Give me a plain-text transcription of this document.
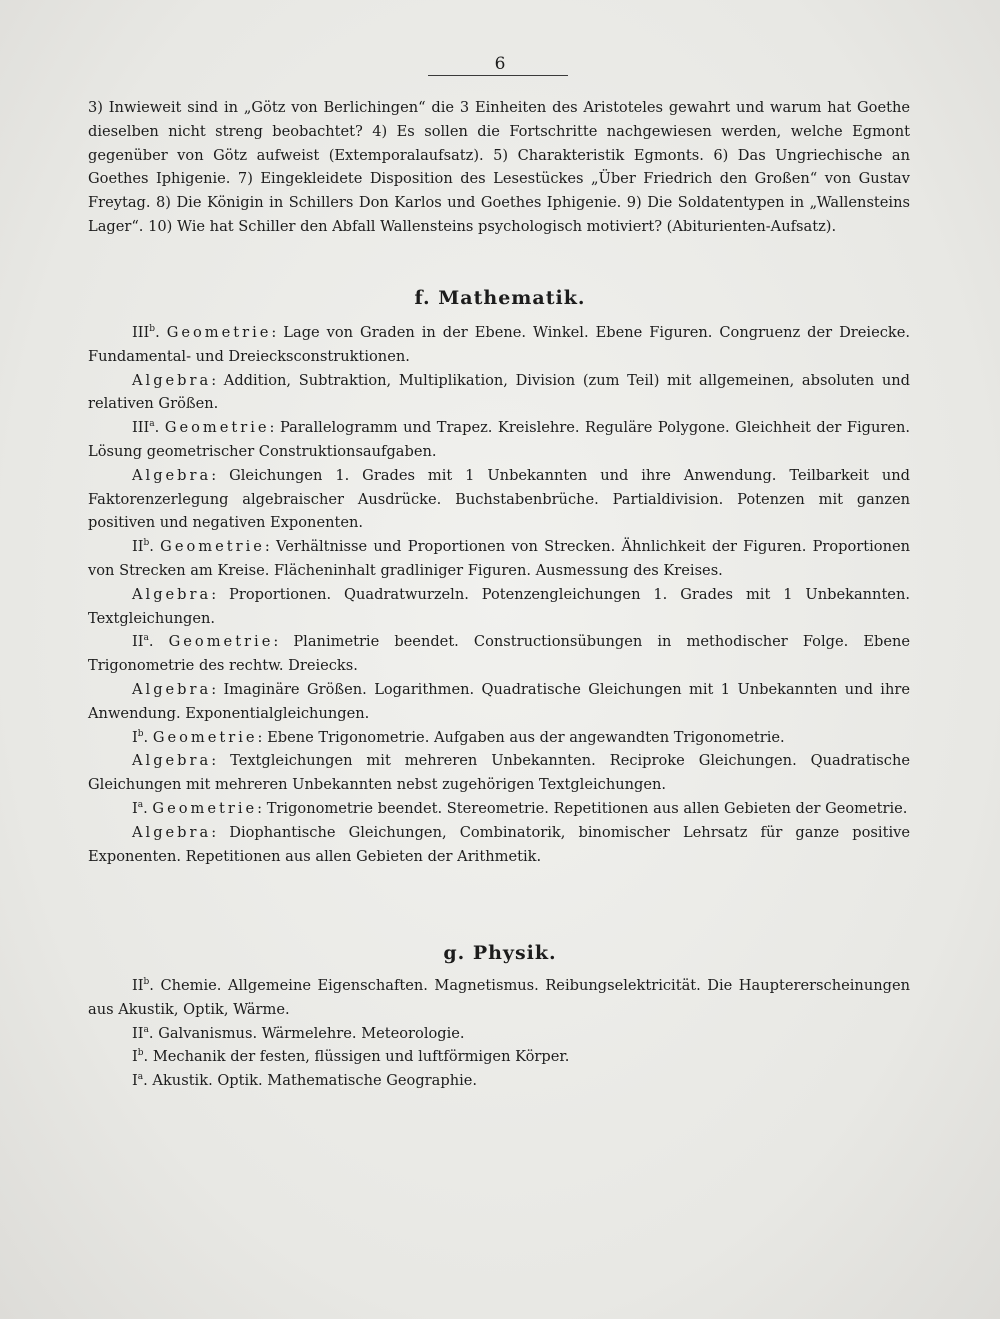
6

3) Inwieweit sind in „Götz von Berlichingen“ die 3 Einheiten des Aristoteles gewahrt und warum hat Goethe dieselben nicht streng beobachtet? 4) Es sollen die Fortschritte nachgewiesen werden, welche Egmont gegenüber von Götz aufweist (Extemporalaufsatz). 5) Charakteristik Egmonts. 6) Das Ungriechische an Goethes Iphigenie. 7) Eingekleidete Disposition des Lesestückes „Über Friedrich den Großen“ von Gustav Freytag. 8) Die Königin in Schillers Don Karlos und Goethes Iphigenie. 9) Die Soldatentypen in „Wallensteins Lager“. 10) Wie hat Schiller den Abfall Wallensteins psychologisch motiviert? (Abiturienten-Aufsatz).

f. Mathematik.

III$^b$. Geometrie: Lage von Graden in der Ebene. Winkel. Ebene Figuren. Congruenz der Dreiecke. Fundamental- und Dreiecksconstruktionen.

Algebra: Addition, Subtraktion, Multiplikation, Division (zum Teil) mit allgemeinen, absoluten und relativen Größen.

III$^a$. Geometrie: Parallelogramm und Trapez. Kreislehre. Reguläre Polygone. Gleichheit der Figuren. Lösung geometrischer Construktionsaufgaben.

Algebra: Gleichungen 1. Grades mit 1 Unbekannten und ihre Anwendung. Teilbarkeit und Faktorenzerlegung algebraischer Ausdrücke. Buchstabenbrüche. Partialdivision. Potenzen mit ganzen positiven und negativen Exponenten.

$II^b$. Geometrie: Verhältnisse und Proportionen von Strecken. Ähnlichkeit der Figuren. Proportionen von Strecken am Kreise. Flächeninhalt gradliniger Figuren. Ausmessung des Kreises.

Algebra: Proportionen. Quadratwurzeln. Potenzengleichungen 1. Grades mit 1 Unbekannten. Textgleichungen.

$II^a$. Geometrie: Planimetrie beendet. Constructionsübungen in methodischer Folge. Ebene Trigonometrie des rechtw. Dreiecks.

Algebra: Imaginäre Größen. Logarithmen. Quadratische Gleichungen mit 1 Unbekannten und ihre Anwendung. Exponentialgleichungen.

$I^b$. Geometrie: Ebene Trigonometrie. Aufgaben aus der angewandten Trigonometrie.

Algebra: Textgleichungen mit mehreren Unbekannten. Reciproke Gleichungen. Quadratische Gleichungen mit mehreren Unbekannten nebst zugehörigen Textgleichungen.

$I^a$. Geometrie: Trigonometrie beendet. Stereometrie. Repetitionen aus allen Gebieten der Geometrie.

Algebra: Diophantische Gleichungen, Combinatorik, binomischer Lehrsatz für ganze positive Exponenten. Repetitionen aus allen Gebieten der Arithmetik.

g. Physik.

$II^b$. Chemie. Allgemeine Eigenschaften. Magnetismus. Reibungselektricität. Die Hauptererscheinungen aus Akustik, Optik, Wärme.

$II^a$. Galvanismus. Wärmelehre. Meteorologie.

$I^b$. Mechanik der festen, flüssigen und luftförmigen Körper.

$I^a$. Akustik. Optik. Mathematische Geographie.
